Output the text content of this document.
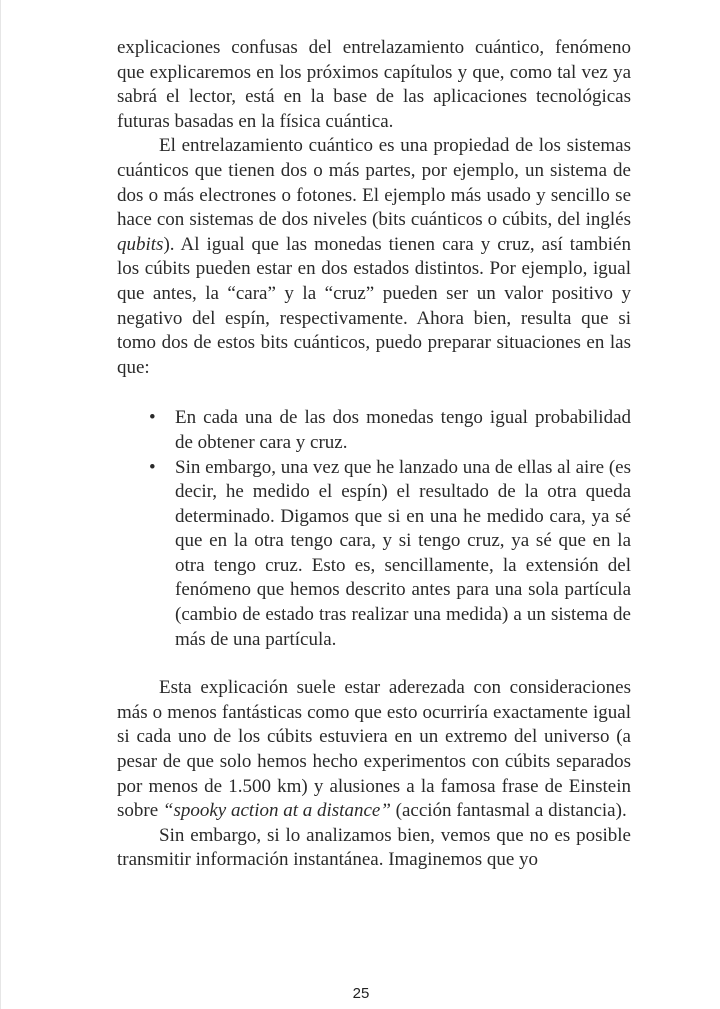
explicaciones confusas del entrelazamiento cuántico, fenómeno que explicaremos en los próximos capítulos y que, como tal vez ya sabrá el lector, está en la base de las aplicaciones tecnológicas futuras basadas en la física cuántica.

El entrelazamiento cuántico es una propiedad de los sistemas cuánticos que tienen dos o más partes, por ejemplo, un sistema de dos o más electrones o fotones. El ejemplo más usado y sencillo se hace con sistemas de dos niveles (bits cuánticos o cúbits, del inglés qubits). Al igual que las monedas tienen cara y cruz, así también los cúbits pueden estar en dos estados distintos. Por ejemplo, igual que antes, la “cara” y la “cruz” pueden ser un valor positivo y negativo del espín, respectivamente. Ahora bien, resulta que si tomo dos de estos bits cuánticos, puedo preparar situaciones en las que:

• En cada una de las dos monedas tengo igual probabilidad de obtener cara y cruz.
• Sin embargo, una vez que he lanzado una de ellas al aire (es decir, he medido el espín) el resultado de la otra queda determinado. Digamos que si en una he medido cara, ya sé que en la otra tengo cara, y si tengo cruz, ya sé que en la otra tengo cruz. Esto es, sencillamente, la extensión del fenómeno que hemos descrito antes para una sola partícula (cambio de estado tras realizar una medida) a un sistema de más de una partícula.

Esta explicación suele estar aderezada con consideraciones más o menos fantásticas como que esto ocurriría exactamente igual si cada uno de los cúbits estuviera en un extremo del universo (a pesar de que solo hemos hecho experimentos con cúbits separados por menos de 1.500 km) y alusiones a la famosa frase de Einstein sobre “spooky action at a distance” (acción fantasmal a distancia).

Sin embargo, si lo analizamos bien, vemos que no es posible transmitir información instantánea. Imaginemos que yo

25
